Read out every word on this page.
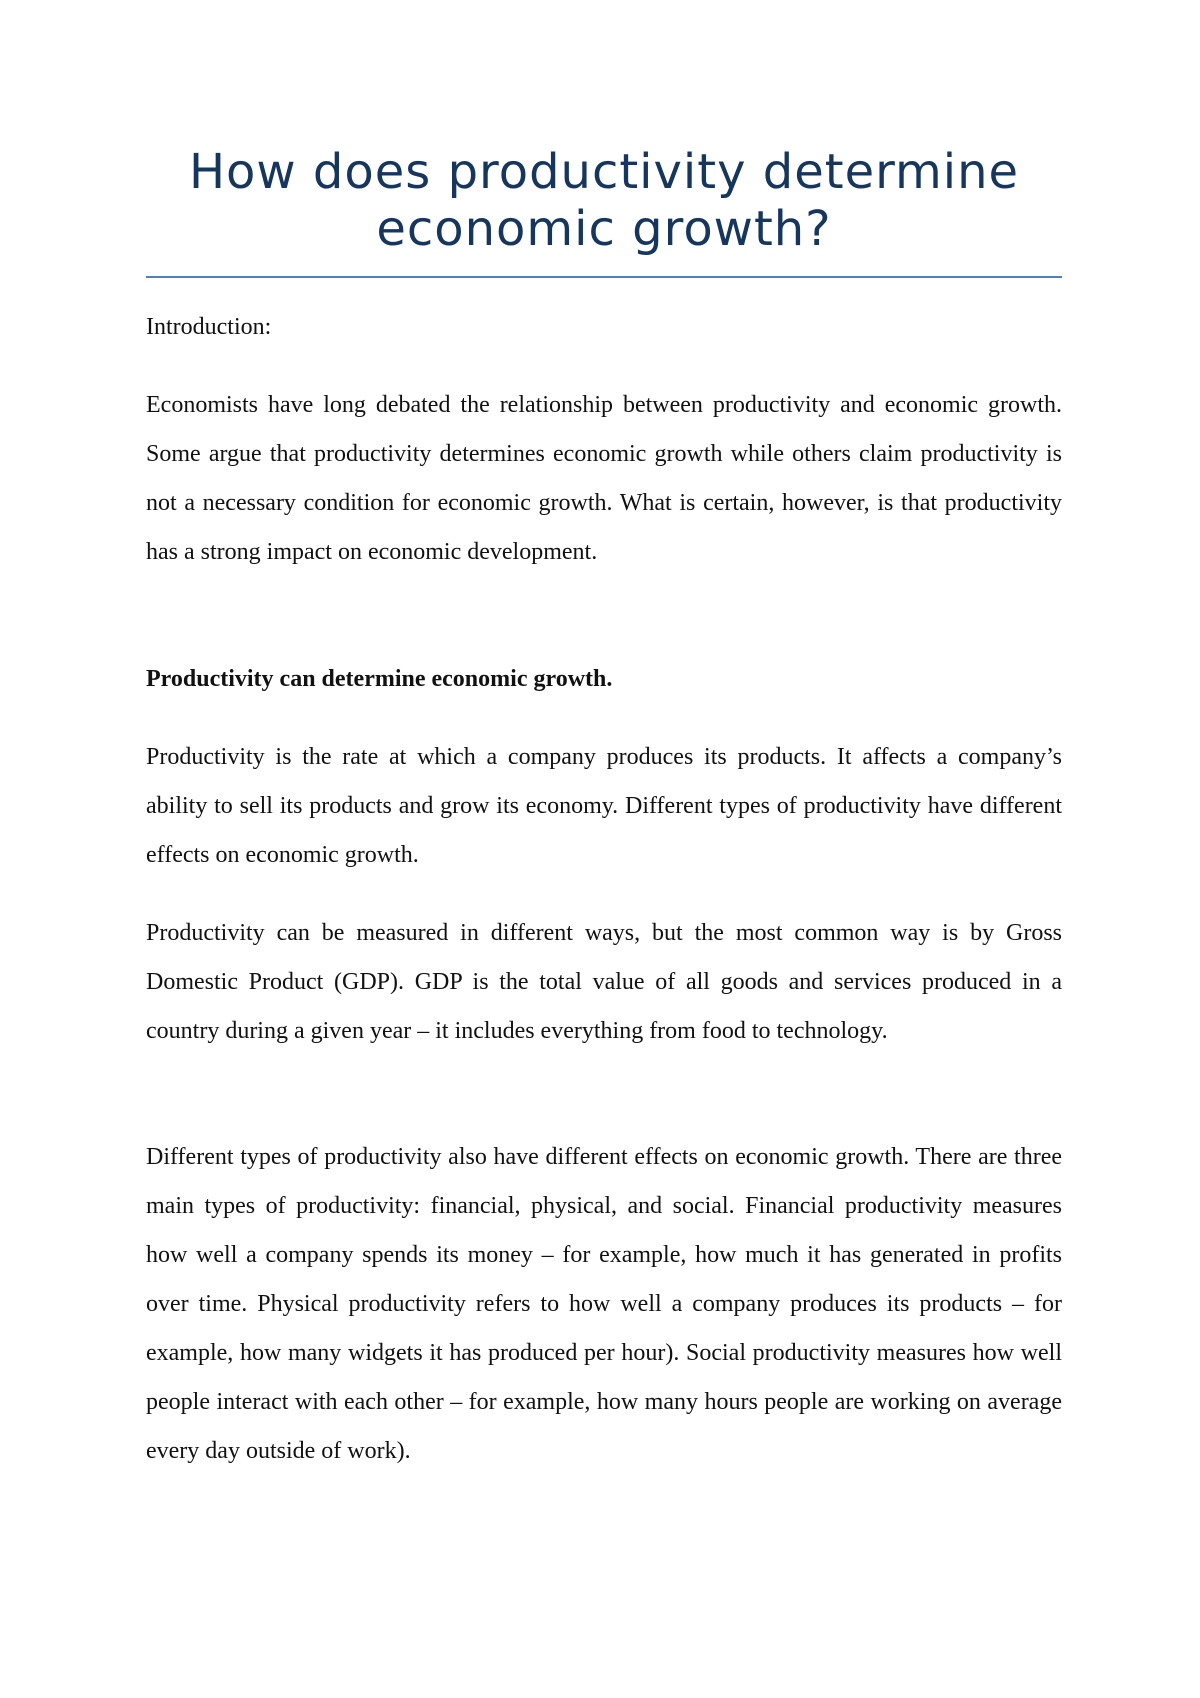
How does productivity determine economic growth?

Introduction:

Economists have long debated the relationship between productivity and economic growth. Some argue that productivity determines economic growth while others claim productivity is not a necessary condition for economic growth. What is certain, however, is that productivity has a strong impact on economic development.

Productivity can determine economic growth.

Productivity is the rate at which a company produces its products. It affects a company’s ability to sell its products and grow its economy. Different types of productivity have different effects on economic growth.

Productivity can be measured in different ways, but the most common way is by Gross Domestic Product (GDP). GDP is the total value of all goods and services produced in a country during a given year – it includes everything from food to technology.

Different types of productivity also have different effects on economic growth. There are three main types of productivity: financial, physical, and social. Financial productivity measures how well a company spends its money – for example, how much it has generated in profits over time. Physical productivity refers to how well a company produces its products – for example, how many widgets it has produced per hour). Social productivity measures how well people interact with each other – for example, how many hours people are working on average every day outside of work).
